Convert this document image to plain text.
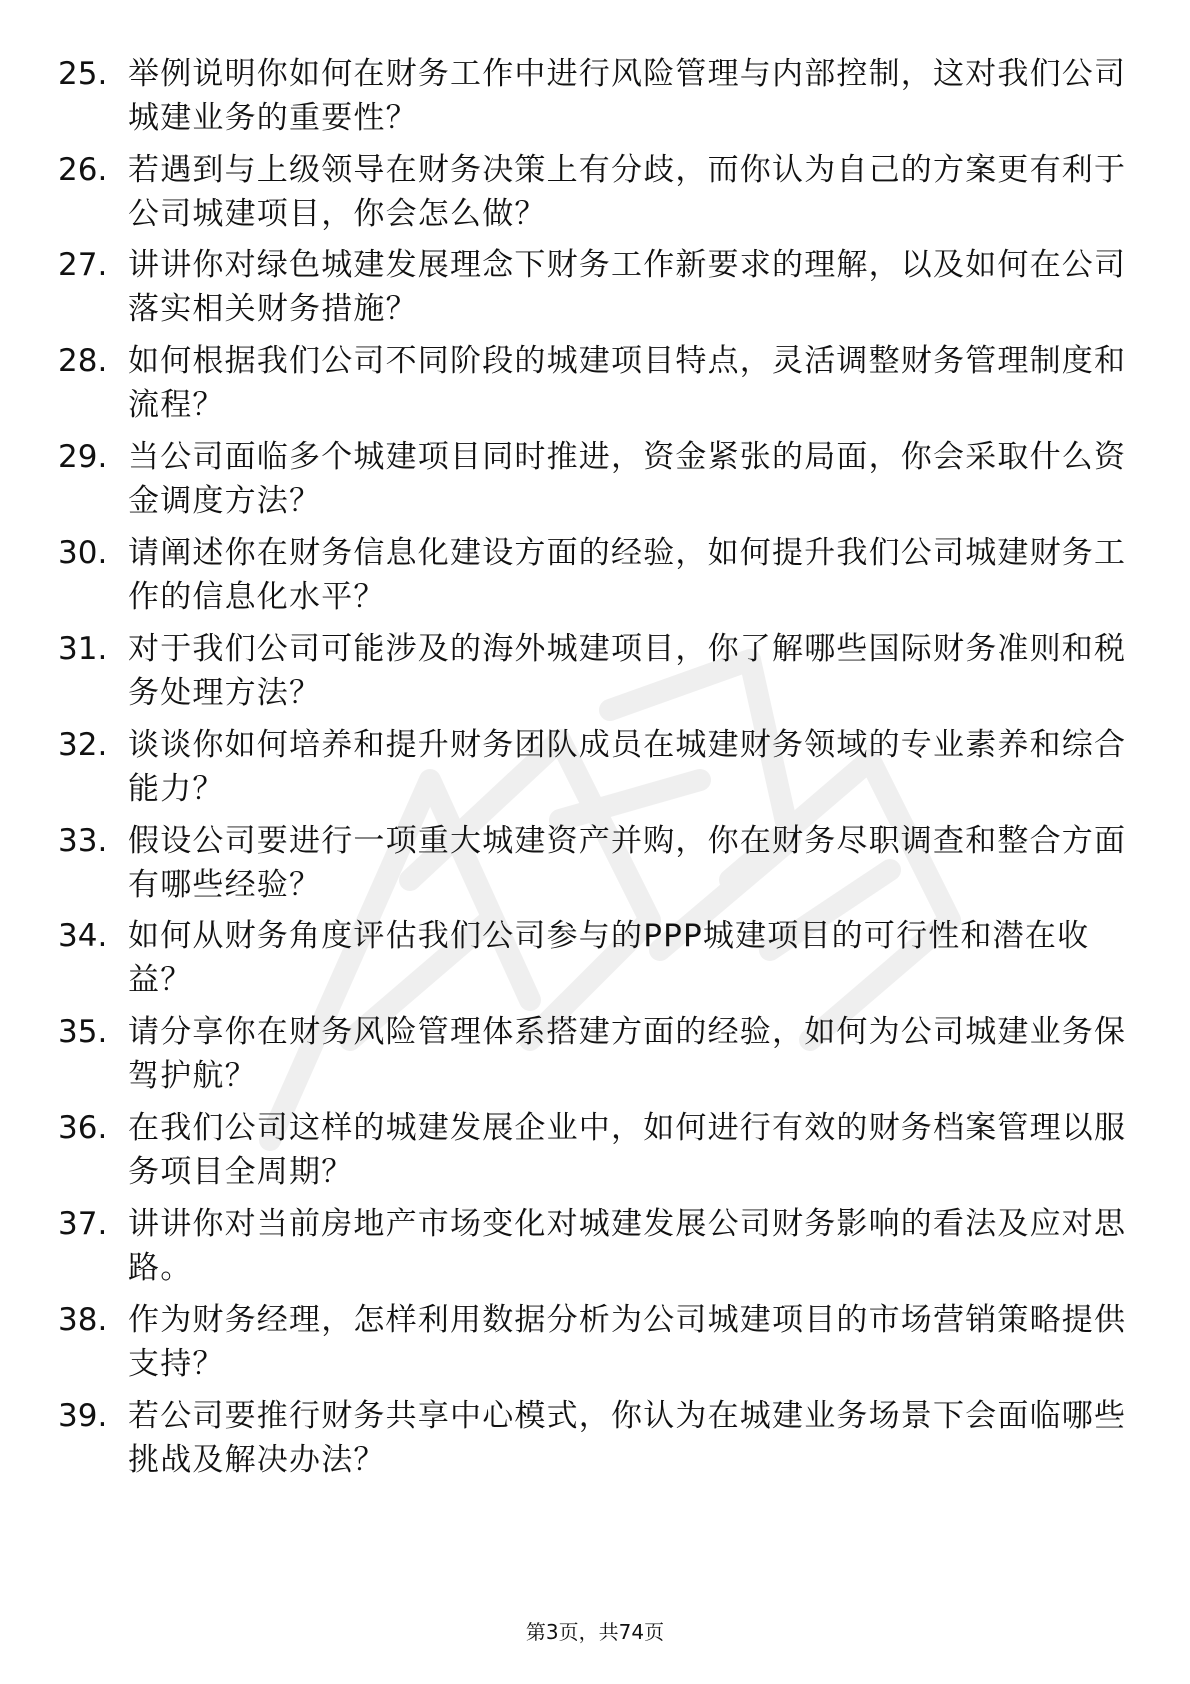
25. 举例说明你如何在财务工作中进行风险管理与内部控制，这对我们公司城建业务的重要性？
26. 若遇到与上级领导在财务决策上有分歧，而你认为自己的方案更有利于公司城建项目，你会怎么做？
27. 讲讲你对绿色城建发展理念下财务工作新要求的理解，以及如何在公司落实相关财务措施？
28. 如何根据我们公司不同阶段的城建项目特点，灵活调整财务管理制度和流程？
29. 当公司面临多个城建项目同时推进，资金紧张的局面，你会采取什么资金调度方法？
30. 请阐述你在财务信息化建设方面的经验，如何提升我们公司城建财务工作的信息化水平？
31. 对于我们公司可能涉及的海外城建项目，你了解哪些国际财务准则和税务处理方法？
32. 谈谈你如何培养和提升财务团队成员在城建财务领域的专业素养和综合能力？
33. 假设公司要进行一项重大城建资产并购，你在财务尽职调查和整合方面有哪些经验？
34. 如何从财务角度评估我们公司参与的PPP城建项目的可行性和潜在收益？
35. 请分享你在财务风险管理体系搭建方面的经验，如何为公司城建业务保驾护航？
36. 在我们公司这样的城建发展企业中，如何进行有效的财务档案管理以服务项目全周期？
37. 讲讲你对当前房地产市场变化对城建发展公司财务影响的看法及应对思路。
38. 作为财务经理，怎样利用数据分析为公司城建项目的市场营销策略提供支持？
39. 若公司要推行财务共享中心模式，你认为在城建业务场景下会面临哪些挑战及解决办法？
第3页，共74页
